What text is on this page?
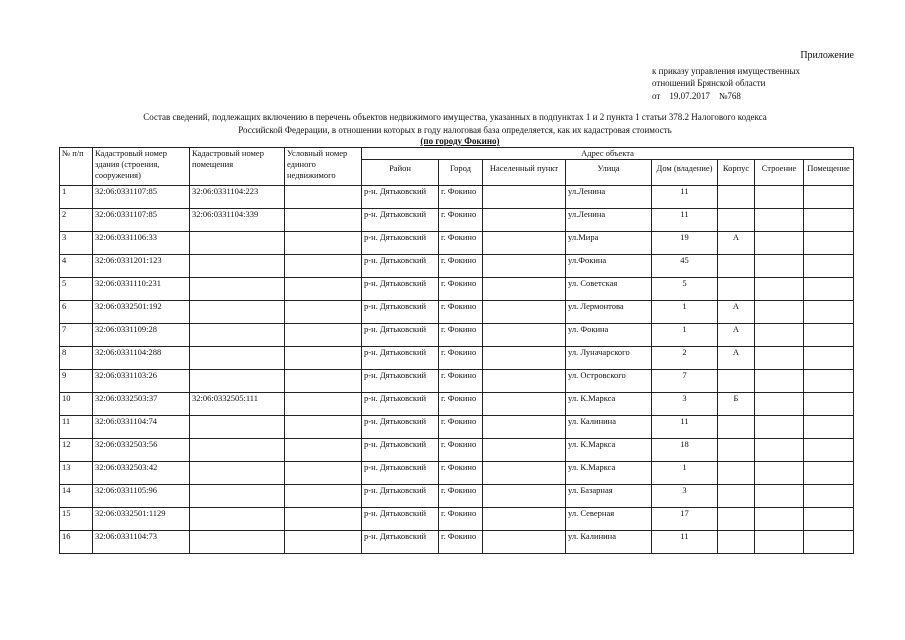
Приложение
к приказу управления имущественных
отношений Брянской области
от 19.07.2017 №768
Состав сведений, подлежащих включению в перечень объектов недвижимого имущества, указанных в подпунктах 1 и 2 пункта 1 статьи 378.2 Налогового кодекса Российской Федерации, в отношении которых в году налоговая база определяется, как их кадастровая стоимость
(по городу Фокино)
№ п/п	Кадастровый номер здания (строения, сооружения)	Кадастровый номер помещения	Условный номер единого недвижимого	Адрес объекта							
				Район	Город	Населенный пункт	Улица	Дом (владение)	Корпус	Строение	Помещение
1	32:06:0331107:85	32:06:0331104:223		р-н. Дятьковский	г. Фокино		ул.Ленина	11			
2	32:06:0331107:85	32:06:0331104:339		р-н. Дятьковский	г. Фокино		ул.Ленина	11			
3	32:06:0331106:33			р-н. Дятьковский	г. Фокино		ул.Мира	19	А		
4	32:06:0331201:123			р-н. Дятьковский	г. Фокино		ул.Фокина	45			
5	32:06:0331110:231			р-н. Дятьковский	г. Фокино		ул. Советская	5			
6	32:06:0332501:192			р-н. Дятьковский	г. Фокино		ул. Лермонтова	1	А		
7	32:06:0331109:28			р-н. Дятьковский	г. Фокино		ул. Фокина	1	А		
8	32:06:0331104:288			р-н. Дятьковский	г. Фокино		ул. Луначарского	2	А		
9	32:06:0331103:26			р-н. Дятьковский	г. Фокино		ул. Островского	7			
10	32:06:0332503:37	32:06:0332505:111		р-н. Дятьковский	г. Фокино		ул. К.Маркса	3	Б		
11	32:06:0331104:74			р-н. Дятьковский	г. Фокино		ул. Калинина	11			
12	32:06:0332503:56			р-н. Дятьковский	г. Фокино		ул. К.Маркса	18			
13	32:06:0332503:42			р-н. Дятьковский	г. Фокино		ул. К.Маркса	1			
14	32:06:0331105:96			р-н. Дятьковский	г. Фокино		ул. Базарная	3			
15	32:06:0332501:1129			р-н. Дятьковский	г. Фокино		ул. Северная	17			
16	32:06:0331104:73			р-н. Дятьковский	г. Фокино		ул. Калинина	11			
